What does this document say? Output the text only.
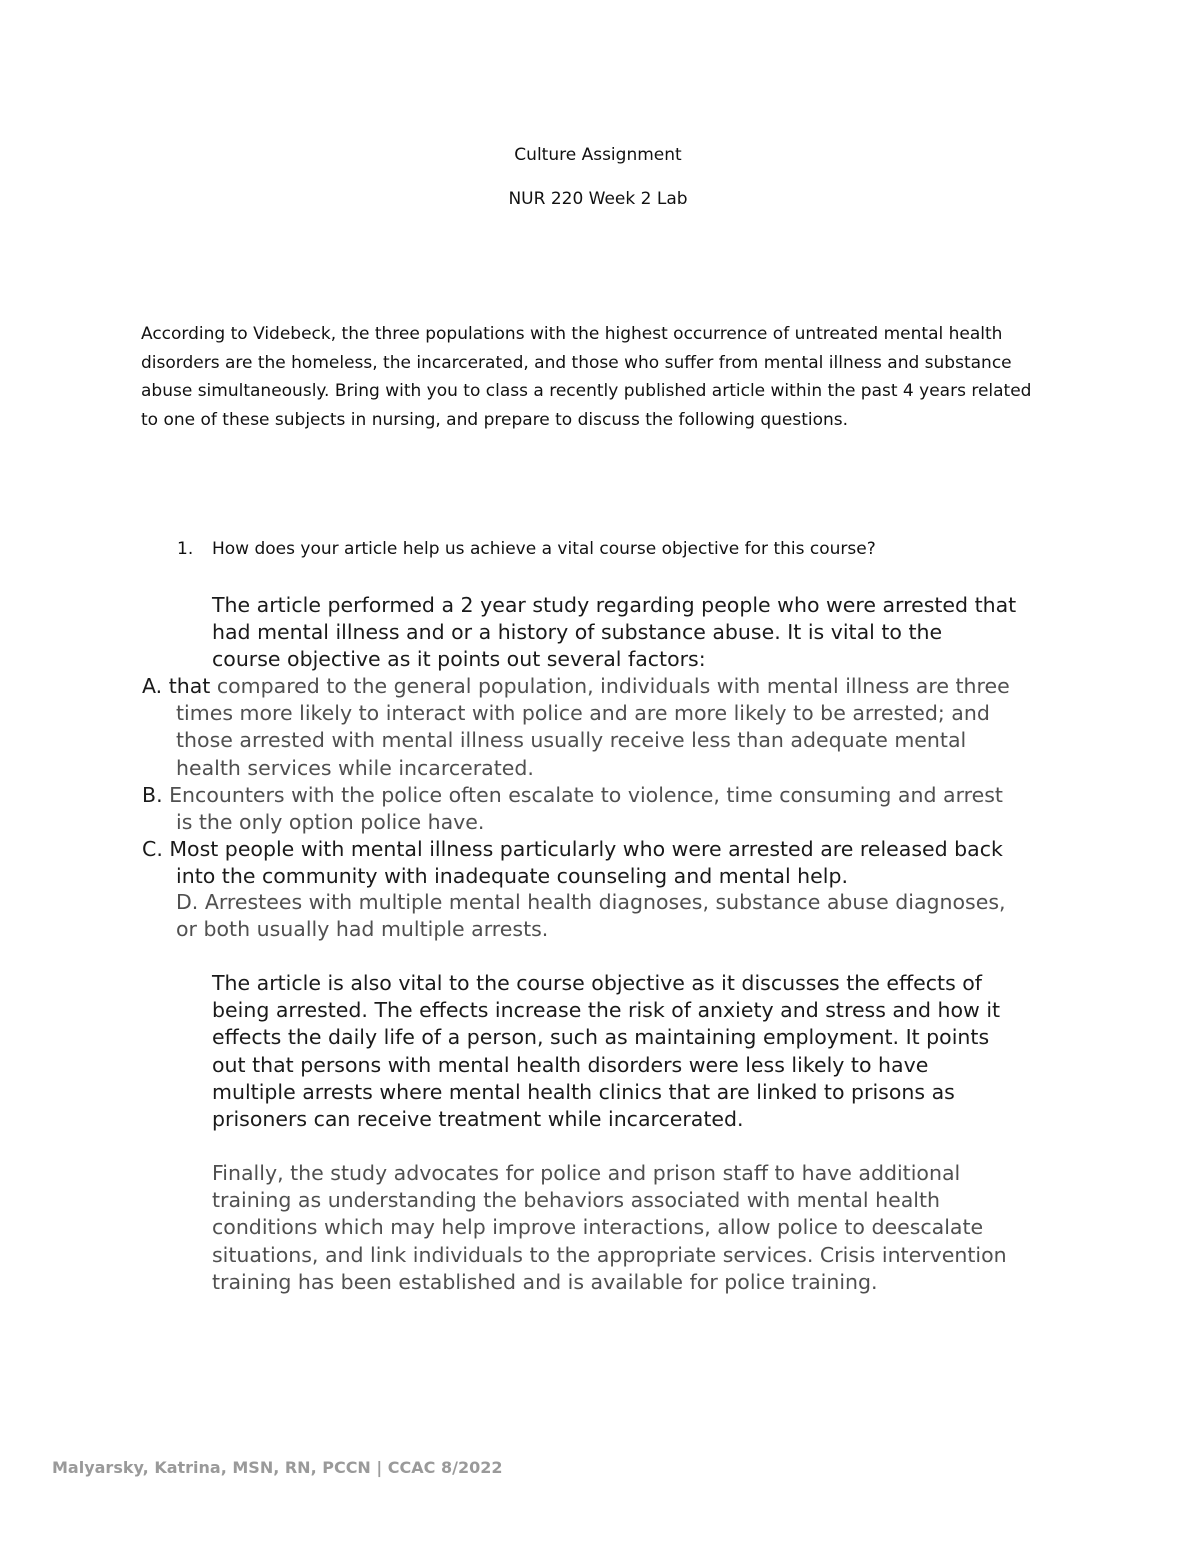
Culture Assignment
NUR 220 Week 2 Lab
According to Videbeck, the three populations with the highest occurrence of untreated mental health
disorders are the homeless, the incarcerated, and those who suffer from mental illness and substance
abuse simultaneously. Bring with you to class a recently published article within the past 4 years related
to one of these subjects in nursing, and prepare to discuss the following questions.
1. How does your article help us achieve a vital course objective for this course?
The article performed a 2 year study regarding people who were arrested that
had mental illness and or a history of substance abuse. It is vital to the
course objective as it points out several factors:
A. that compared to the general population, individuals with mental illness are three
times more likely to interact with police and are more likely to be arrested; and
those arrested with mental illness usually receive less than adequate mental
health services while incarcerated.
B. Encounters with the police often escalate to violence, time consuming and arrest
is the only option police have.
C. Most people with mental illness particularly who were arrested are released back
into the community with inadequate counseling and mental help.
D. Arrestees with multiple mental health diagnoses, substance abuse diagnoses,
or both usually had multiple arrests.
The article is also vital to the course objective as it discusses the effects of
being arrested. The effects increase the risk of anxiety and stress and how it
effects the daily life of a person, such as maintaining employment. It points
out that persons with mental health disorders were less likely to have
multiple arrests where mental health clinics that are linked to prisons as
prisoners can receive treatment while incarcerated.
Finally, the study advocates for police and prison staff to have additional
training as understanding the behaviors associated with mental health
conditions which may help improve interactions, allow police to deescalate
situations, and link individuals to the appropriate services. Crisis intervention
training has been established and is available for police training.
Malyarsky, Katrina, MSN, RN, PCCN | CCAC 8/2022
